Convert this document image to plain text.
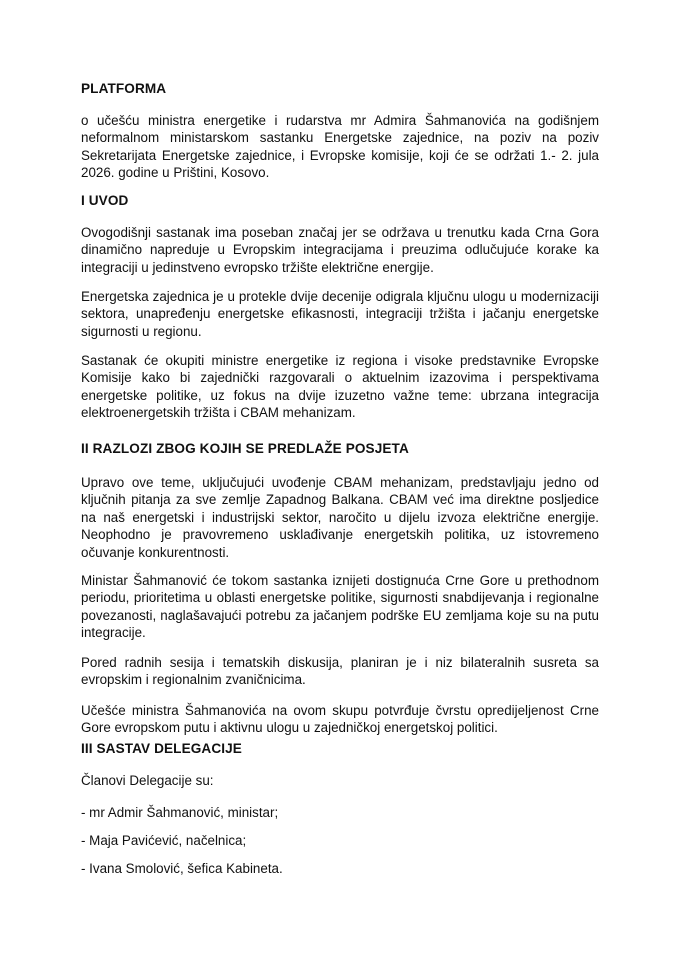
PLATFORMA
o učešću ministra energetike i rudarstva mr Admira Šahmanovića na godišnjem neformalnom ministarskom sastanku Energetske zajednice, na poziv na poziv Sekretarijata Energetske zajednice, i Evropske komisije, koji će se održati 1.- 2. jula 2026. godine u Prištini, Kosovo.
I UVOD
Ovogodišnji sastanak ima poseban značaj jer se održava u trenutku kada Crna Gora dinamično napreduje u Evropskim integracijama i preuzima odlučujuće korake ka integraciji u jedinstveno evropsko tržište električne energije.
Energetska zajednica je u protekle dvije decenije odigrala ključnu ulogu u modernizaciji sektora, unapređenju energetske efikasnosti, integraciji tržišta i jačanju energetske sigurnosti u regionu.
Sastanak će okupiti ministre energetike iz regiona i visoke predstavnike Evropske Komisije kako bi zajednički razgovarali o aktuelnim izazovima i perspektivama energetske politike, uz fokus na dvije izuzetno važne teme: ubrzana integracija elektroenergetskih tržišta i CBAM mehanizam.
II RAZLOZI ZBOG KOJIH SE PREDLAŽE POSJETA
Upravo ove teme, uključujući uvođenje CBAM mehanizam, predstavljaju jedno od ključnih pitanja za sve zemlje Zapadnog Balkana. CBAM već ima direktne posljedice na naš energetski i industrijski sektor, naročito u dijelu izvoza električne energije. Neophodno je pravovremeno usklađivanje energetskih politika, uz istovremeno očuvanje konkurentnosti.
Ministar Šahmanović će tokom sastanka iznijeti dostignuća Crne Gore u prethodnom periodu, prioritetima u oblasti energetske politike, sigurnosti snabdijevanja i regionalne povezanosti, naglašavajući potrebu za jačanjem podrške EU zemljama koje su na putu integracije.
Pored radnih sesija i tematskih diskusija, planiran je i niz bilateralnih susreta sa evropskim i regionalnim zvaničnicima.
Učešće ministra Šahmanovića na ovom skupu potvrđuje čvrstu opredijeljenost Crne Gore evropskom putu i aktivnu ulogu u zajedničkoj energetskoj politici.
III SASTAV DELEGACIJE
Članovi Delegacije su:
- mr Admir Šahmanović, ministar;
- Maja Pavićević, načelnica;
- Ivana Smolović, šefica Kabineta.
